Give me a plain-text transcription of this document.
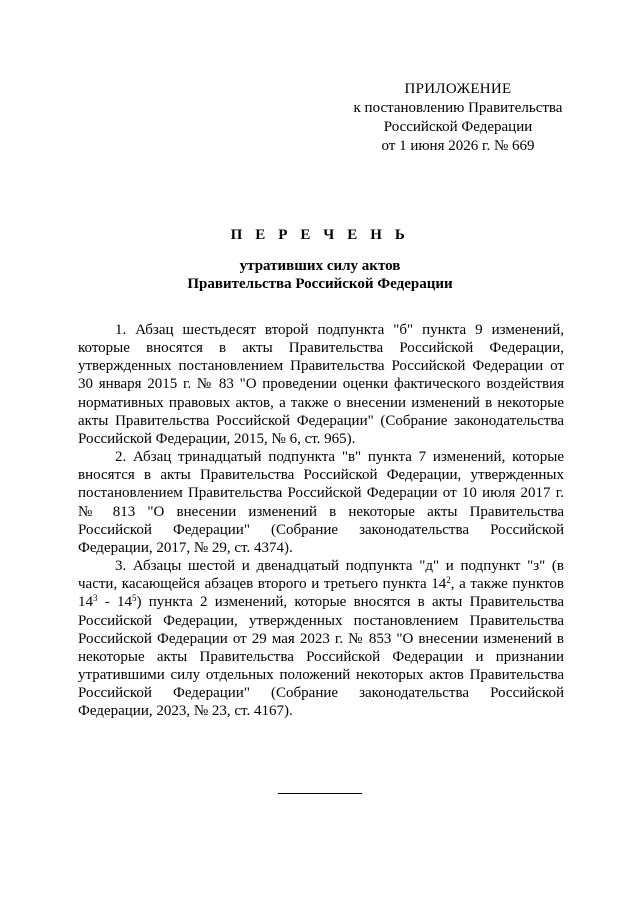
ПРИЛОЖЕНИЕ
к постановлению Правительства
Российской Федерации
от 1 июня 2026 г. № 669
П Е Р Е Ч Е Н Ь
утративших силу актов
Правительства Российской Федерации

1. Абзац шестьдесят второй подпункта "б" пункта 9 изменений, которые вносятся в акты Правительства Российской Федерации, утвержденных постановлением Правительства Российской Федерации от 30 января 2015 г. № 83 "О проведении оценки фактического воздействия нормативных правовых актов, а также о внесении изменений в некоторые акты Правительства Российской Федерации" (Собрание законодательства Российской Федерации, 2015, № 6, ст. 965).

2. Абзац тринадцатый подпункта "в" пункта 7 изменений, которые вносятся в акты Правительства Российской Федерации, утвержденных постановлением Правительства Российской Федерации от 10 июля 2017 г. № 813 "О внесении изменений в некоторые акты Правительства Российской Федерации" (Собрание законодательства Российской Федерации, 2017, № 29, ст. 4374).

3. Абзацы шестой и двенадцатый подпункта "д" и подпункт "з" (в части, касающейся абзацев второго и третьего пункта $14^2$, а также пунктов $14^3 - 14^5$) пункта 2 изменений, которые вносятся в акты Правительства Российской Федерации, утвержденных постановлением Правительства Российской Федерации от 29 мая 2023 г. № 853 "О внесении изменений в некоторые акты Правительства Российской Федерации и признании утратившими силу отдельных положений некоторых актов Правительства Российской Федерации" (Собрание законодательства Российской Федерации, 2023, № 23, ст. 4167).
